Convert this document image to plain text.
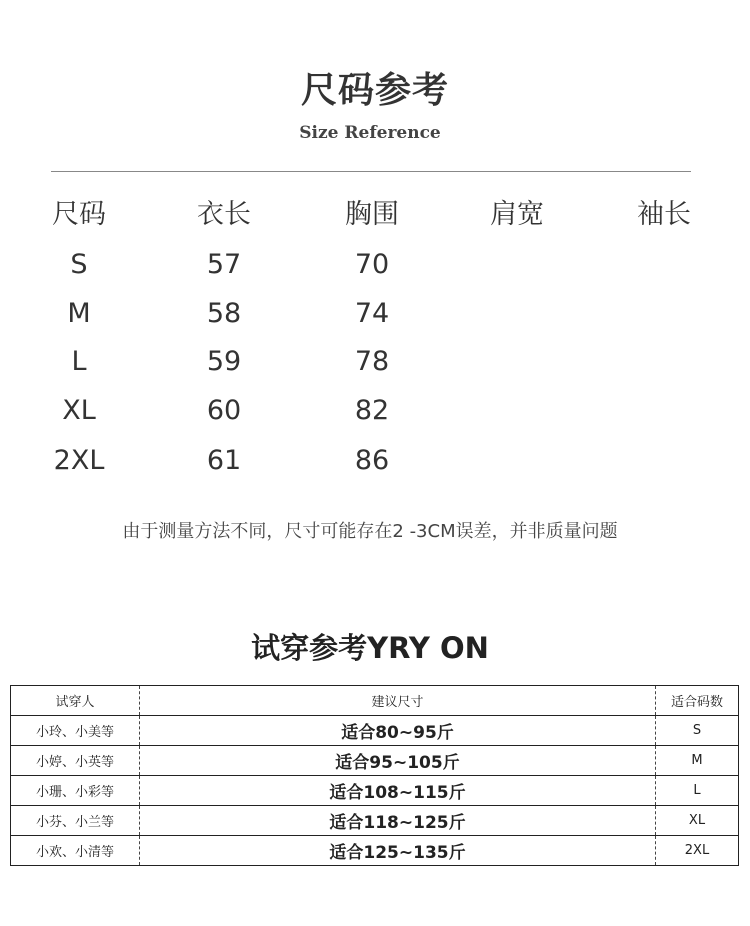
尺码参考
Size Reference
尺码	衣长	胸围	肩宽	袖长
S	57	70
M	58	74
L	59	78
XL	60	82
2XL	61	86
由于测量方法不同，尺寸可能存在2 -3CM误差，并非质量问题
试穿参考YRY ON
试穿人	建议尺寸	适合码数
小玲、小美等	适合80~95斤	S
小婷、小英等	适合95~105斤	M
小珊、小彩等	适合108~115斤	L
小芬、小兰等	适合118~125斤	XL
小欢、小清等	适合125~135斤	2XL
